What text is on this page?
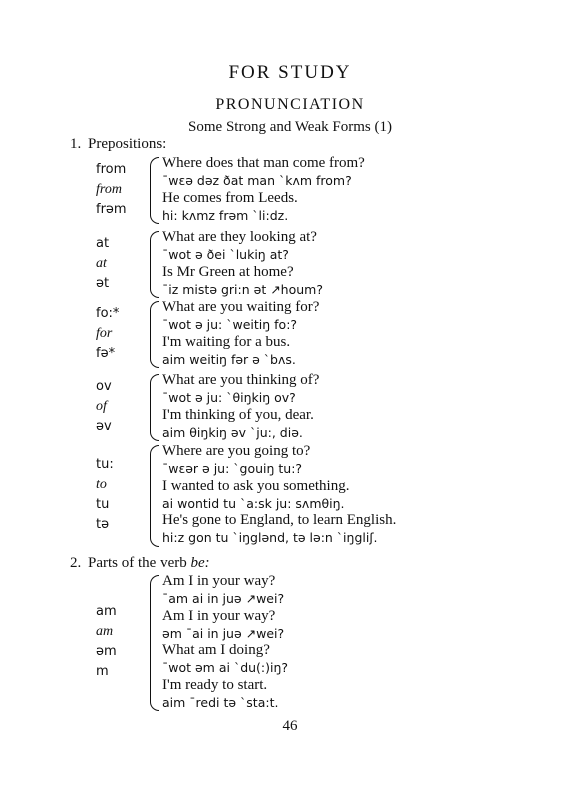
FOR STUDY
PRONUNCIATION
Some Strong and Weak Forms (1)
1. Prepositions:
2. Parts of the verb be:
from
from
frəm
Where does that man come from?
ˉwɛə dəz ðat man ˋkʌm from?
He comes from Leeds.
hi: kʌmz frəm ˋli:dz.
at
at
ət
What are they looking at?
ˉwot ə ðei ˋlukiŋ at?
Is Mr Green at home?
ˉiz mistə gri:n ət ↗houm?
fo:*
for
fə*
What are you waiting for?
ˉwot ə ju: ˋweitiŋ fo:?
I'm waiting for a bus.
aim weitiŋ fər ə ˋbʌs.
ov
of
əv
What are you thinking of?
ˉwot ə ju: ˋθiŋkiŋ ov?
I'm thinking of you, dear.
aim θiŋkiŋ əv ˋju:, diə.
tu:
to
tu
tə
Where are you going to?
ˉwɛər ə ju: ˋgouiŋ tu:?
I wanted to ask you something.
ai wontid tu ˋa:sk ju: sʌmθiŋ.
He's gone to England, to learn English.
hi:z gon tu ˋiŋglənd, tə lə:n ˋiŋgliʃ.
am
am
əm
m
Am I in your way?
ˉam ai in juə ↗wei?
Am I in your way?
əm ˉai in juə ↗wei?
What am I doing?
ˉwot əm ai ˋdu(:)iŋ?
I'm ready to start.
aim ˉredi tə ˋsta:t.
46
